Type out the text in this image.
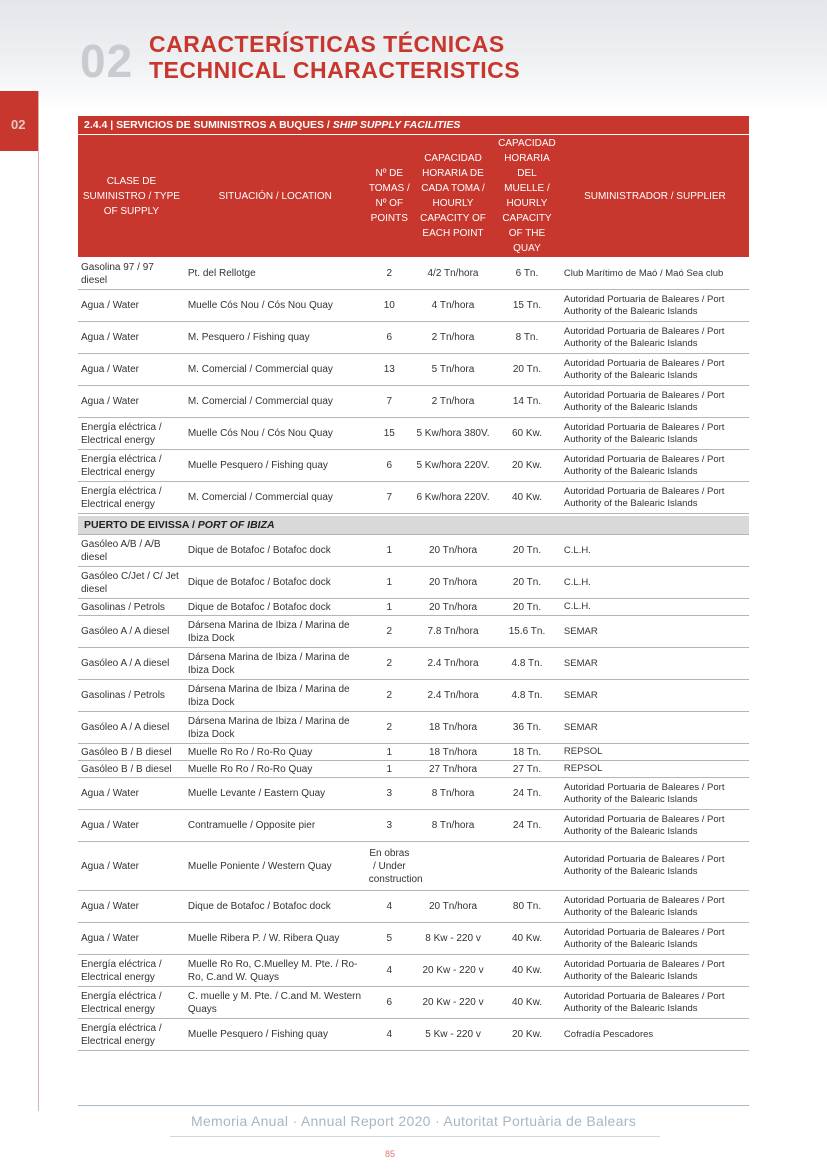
02 CARACTERÍSTICAS TÉCNICAS
TECHNICAL CHARACTERISTICS
02	2.4.4 | SERVICIOS DE SUMINISTROS A BUQUES / SHIP SUPPLY FACILITIES					
CLASE DE SUMINISTRO / TYPE OF SUPPLY	SITUACIÓN / LOCATION	Nº DE TOMAS / Nº OF POINTS	CAPACIDAD HORARIA DE CADA TOMA / HOURLY CAPACITY OF EACH POINT	CAPACIDAD HORARIA DEL MUELLE / HOURLY CAPACITY OF THE QUAY	SUMINISTRADOR / SUPPLIER
Gasolina 97 / 97 diesel	Pt. del Rellotge	2	4/2 Tn/hora	6 Tn.	Club Marítimo de Maó / Maó Sea club
Agua / Water	Muelle Cós Nou / Cós Nou Quay	10	4 Tn/hora	15 Tn.	Autoridad Portuaria de Baleares / Port Authority of the Balearic Islands
Agua / Water	M. Pesquero / Fishing quay	6	2 Tn/hora	8 Tn.	Autoridad Portuaria de Baleares / Port Authority of the Balearic Islands
Agua / Water	M. Comercial / Commercial quay	13	5 Tn/hora	20 Tn.	Autoridad Portuaria de Baleares / Port Authority of the Balearic Islands
Agua / Water	M. Comercial / Commercial quay	7	2 Tn/hora	14 Tn.	Autoridad Portuaria de Baleares / Port Authority of the Balearic Islands
Energía eléctrica / Electrical energy	Muelle Cós Nou / Cós Nou Quay	15	5 Kw/hora 380V.	60 Kw.	Autoridad Portuaria de Baleares / Port Authority of the Balearic Islands
Energía eléctrica / Electrical energy	Muelle Pesquero / Fishing quay	6	5 Kw/hora 220V.	20 Kw.	Autoridad Portuaria de Baleares / Port Authority of the Balearic Islands
Energía eléctrica / Electrical energy	M. Comercial / Commercial quay	7	6 Kw/hora 220V.	40 Kw.	Autoridad Portuaria de Baleares / Port Authority of the Balearic Islands
PUERTO DE EIVISSA / PORT OF IBIZA					
Gasóleo A/B / A/B diesel	Dique de Botafoc / Botafoc dock	1	20 Tn/hora	20 Tn.	C.L.H.
Gasóleo C/Jet / C/ Jet diesel	Dique de Botafoc / Botafoc dock	1	20 Tn/hora	20 Tn.	C.L.H.
Gasolinas / Petrols	Dique de Botafoc / Botafoc dock	1	20 Tn/hora	20 Tn.	C.L.H.
Gasóleo A / A diesel	Dársena Marina de Ibiza / Marina de Ibiza Dock	2	7.8 Tn/hora	15.6 Tn.	SEMAR
Gasóleo A / A diesel	Dársena Marina de Ibiza / Marina de Ibiza Dock	2	2.4 Tn/hora	4.8 Tn.	SEMAR
Gasolinas / Petrols	Dársena Marina de Ibiza / Marina de Ibiza Dock	2	2.4 Tn/hora	4.8 Tn.	SEMAR
Gasóleo A / A diesel	Dársena Marina de Ibiza / Marina de Ibiza Dock	2	18 Tn/hora	36 Tn.	SEMAR
Gasóleo B / B diesel	Muelle Ro Ro / Ro-Ro Quay	1	18 Tn/hora	18 Tn.	REPSOL
Gasóleo B / B diesel	Muelle Ro Ro / Ro-Ro Quay	1	27 Tn/hora	27 Tn.	REPSOL
Agua / Water	Muelle Levante / Eastern Quay	3	8 Tn/hora	24 Tn.	Autoridad Portuaria de Baleares / Port Authority of the Balearic Islands
Agua / Water	Contramuelle / Opposite pier	3	8 Tn/hora	24 Tn.	Autoridad Portuaria de Baleares / Port Authority of the Balearic Islands
Agua / Water	Muelle Poniente / Western Quay	En obras / Under construction			Autoridad Portuaria de Baleares / Port Authority of the Balearic Islands
Agua / Water	Dique de Botafoc / Botafoc dock	4	20 Tn/hora	80 Tn.	Autoridad Portuaria de Baleares / Port Authority of the Balearic Islands
Agua / Water	Muelle Ribera P. / W. Ribera Quay	5	8 Kw - 220 v	40 Kw.	Autoridad Portuaria de Baleares / Port Authority of the Balearic Islands
Energía eléctrica / Electrical energy	Muelle Ro Ro, C.Muelley M. Pte. / Ro-Ro, C.and W. Quays	4	20 Kw - 220 v	40 Kw.	Autoridad Portuaria de Baleares / Port Authority of the Balearic Islands
Energía eléctrica / Electrical energy	C. muelle y M. Pte. / C.and M. Western Quays	6	20 Kw - 220 v	40 Kw.	Autoridad Portuaria de Baleares / Port Authority of the Balearic Islands
Energía eléctrica / Electrical energy	Muelle Pesquero / Fishing quay	4	5 Kw - 220 v	20 Kw.	Cofradía Pescadores
Memoria Anual · Annual Report 2020 · Autoritat Portuària de Balears
85
